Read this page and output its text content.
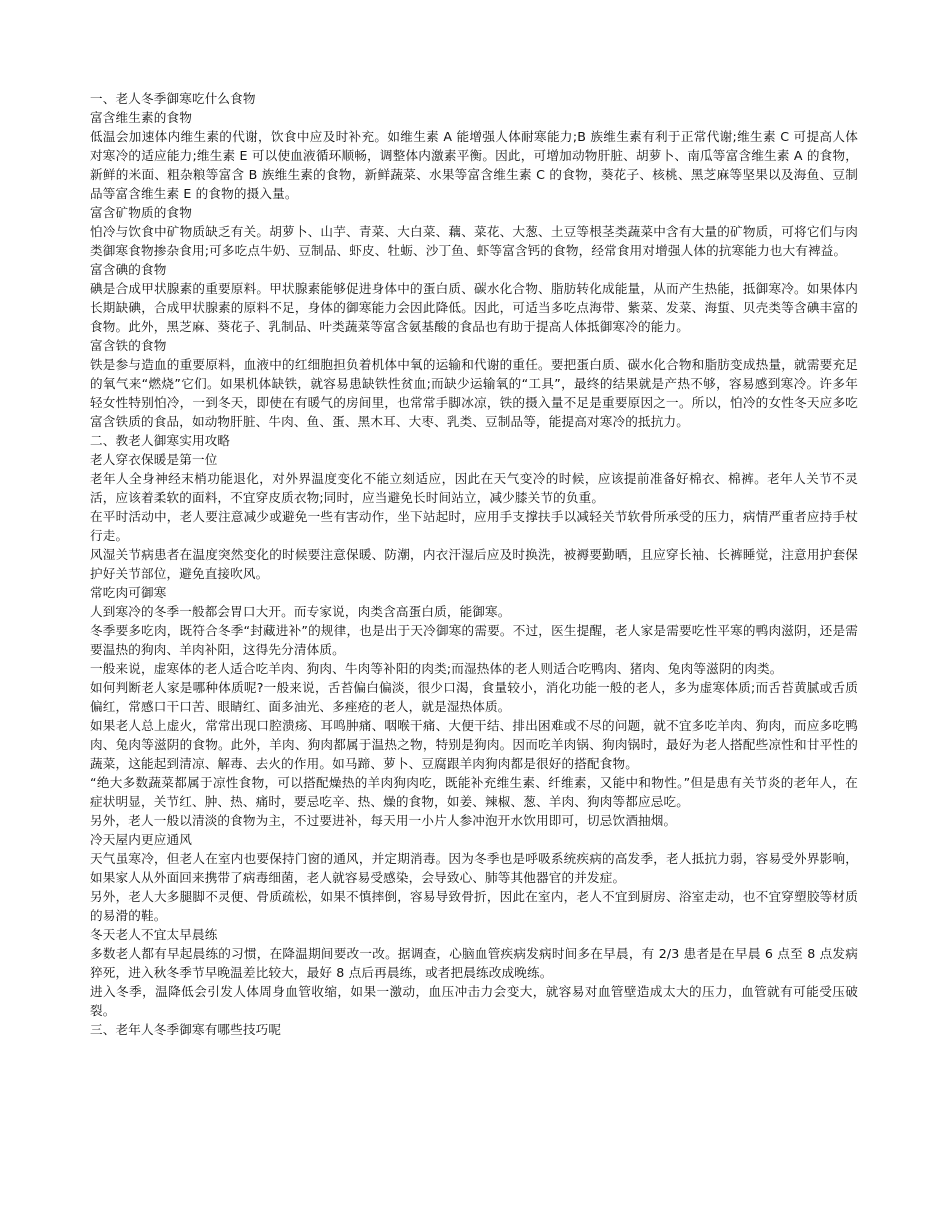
一、老人冬季御寒吃什么食物

富含维生素的食物

低温会加速体内维生素的代谢，饮食中应及时补充。如维生素 A 能增强人体耐寒能力;B 族维生素有利于正常代谢;维生素 C 可提高人体对寒冷的适应能力;维生素 E 可以使血液循环顺畅，调整体内激素平衡。因此，可增加动物肝脏、胡萝卜、南瓜等富含维生素 A 的食物，新鲜的米面、粗杂粮等富含 B 族维生素的食物，新鲜蔬菜、水果等富含维生素 C 的食物，葵花子、核桃、黑芝麻等坚果以及海鱼、豆制品等富含维生素 E 的食物的摄入量。

富含矿物质的食物

怕冷与饮食中矿物质缺乏有关。胡萝卜、山芋、青菜、大白菜、藕、菜花、大葱、土豆等根茎类蔬菜中含有大量的矿物质，可将它们与肉类御寒食物掺杂食用;可多吃点牛奶、豆制品、虾皮、牡蛎、沙丁鱼、虾等富含钙的食物，经常食用对增强人体的抗寒能力也大有裨益。

富含碘的食物

碘是合成甲状腺素的重要原料。甲状腺素能够促进身体中的蛋白质、碳水化合物、脂肪转化成能量，从而产生热能，抵御寒冷。如果体内长期缺碘，合成甲状腺素的原料不足，身体的御寒能力会因此降低。因此，可适当多吃点海带、紫菜、发菜、海蜇、贝壳类等含碘丰富的食物。此外，黑芝麻、葵花子、乳制品、叶类蔬菜等富含氨基酸的食品也有助于提高人体抵御寒冷的能力。

富含铁的食物

铁是参与造血的重要原料，血液中的红细胞担负着机体中氧的运输和代谢的重任。要把蛋白质、碳水化合物和脂肪变成热量，就需要充足的氧气来“燃烧”它们。如果机体缺铁，就容易患缺铁性贫血;而缺少运输氧的“工具”，最终的结果就是产热不够，容易感到寒冷。许多年轻女性特别怕冷，一到冬天，即使在有暖气的房间里，也常常手脚冰凉，铁的摄入量不足是重要原因之一。所以，怕冷的女性冬天应多吃富含铁质的食品，如动物肝脏、牛肉、鱼、蛋、黑木耳、大枣、乳类、豆制品等，能提高对寒冷的抵抗力。

二、教老人御寒实用攻略

老人穿衣保暖是第一位

老年人全身神经末梢功能退化，对外界温度变化不能立刻适应，因此在天气变冷的时候，应该提前准备好棉衣、棉裤。老年人关节不灵活，应该着柔软的面料，不宜穿皮质衣物;同时，应当避免长时间站立，减少膝关节的负重。

在平时活动中，老人要注意减少或避免一些有害动作，坐下站起时，应用手支撑扶手以减轻关节软骨所承受的压力，病情严重者应持手杖行走。

风湿关节病患者在温度突然变化的时候要注意保暖、防潮，内衣汗湿后应及时换洗，被褥要勤晒，且应穿长袖、长裤睡觉，注意用护套保护好关节部位，避免直接吹风。

常吃肉可御寒

人到寒冷的冬季一般都会胃口大开。而专家说，肉类含高蛋白质，能御寒。

冬季要多吃肉，既符合冬季“封藏进补”的规律，也是出于天冷御寒的需要。不过，医生提醒，老人家是需要吃性平寒的鸭肉滋阴，还是需要温热的狗肉、羊肉补阳，这得先分清体质。

一般来说，虚寒体的老人适合吃羊肉、狗肉、牛肉等补阳的肉类;而湿热体的老人则适合吃鸭肉、猪肉、兔肉等滋阴的肉类。

如何判断老人家是哪种体质呢?一般来说，舌苔偏白偏淡，很少口渴，食量较小，消化功能一般的老人，多为虚寒体质;而舌苔黄腻或舌质偏红，常感口干口苦、眼睛红、面多油光、多痤疮的老人，就是湿热体质。

如果老人总上虚火，常常出现口腔溃疡、耳鸣肿痛、咽喉干痛、大便干结、排出困难或不尽的问题，就不宜多吃羊肉、狗肉，而应多吃鸭肉、兔肉等滋阴的食物。此外，羊肉、狗肉都属于温热之物，特别是狗肉。因而吃羊肉锅、狗肉锅时，最好为老人搭配些凉性和甘平性的蔬菜，这能起到清凉、解毒、去火的作用。如马蹄、萝卜、豆腐跟羊肉狗肉都是很好的搭配食物。

“绝大多数蔬菜都属于凉性食物，可以搭配燥热的羊肉狗肉吃，既能补充维生素、纤维素，又能中和物性。”但是患有关节炎的老年人，在症状明显，关节红、肿、热、痛时，要忌吃辛、热、燥的食物，如姜、辣椒、葱、羊肉、狗肉等都应忌吃。

另外，老人一般以清淡的食物为主，不过要进补，每天用一小片人参冲泡开水饮用即可，切忌饮酒抽烟。

冷天屋内更应通风

天气虽寒冷，但老人在室内也要保持门窗的通风，并定期消毒。因为冬季也是呼吸系统疾病的高发季，老人抵抗力弱，容易受外界影响，如果家人从外面回来携带了病毒细菌，老人就容易受感染，会导致心、肺等其他器官的并发症。

另外，老人大多腿脚不灵便、骨质疏松，如果不慎摔倒，容易导致骨折，因此在室内，老人不宜到厨房、浴室走动，也不宜穿塑胶等材质的易滑的鞋。

冬天老人不宜太早晨练

多数老人都有早起晨练的习惯，在降温期间要改一改。据调查，心脑血管疾病发病时间多在早晨，有 2/3 患者是在早晨 6 点至 8 点发病猝死，进入秋冬季节早晚温差比较大，最好 8 点后再晨练，或者把晨练改成晚练。

进入冬季，温降低会引发人体周身血管收缩，如果一激动，血压冲击力会变大，就容易对血管壁造成太大的压力，血管就有可能受压破裂。

三、老年人冬季御寒有哪些技巧呢
